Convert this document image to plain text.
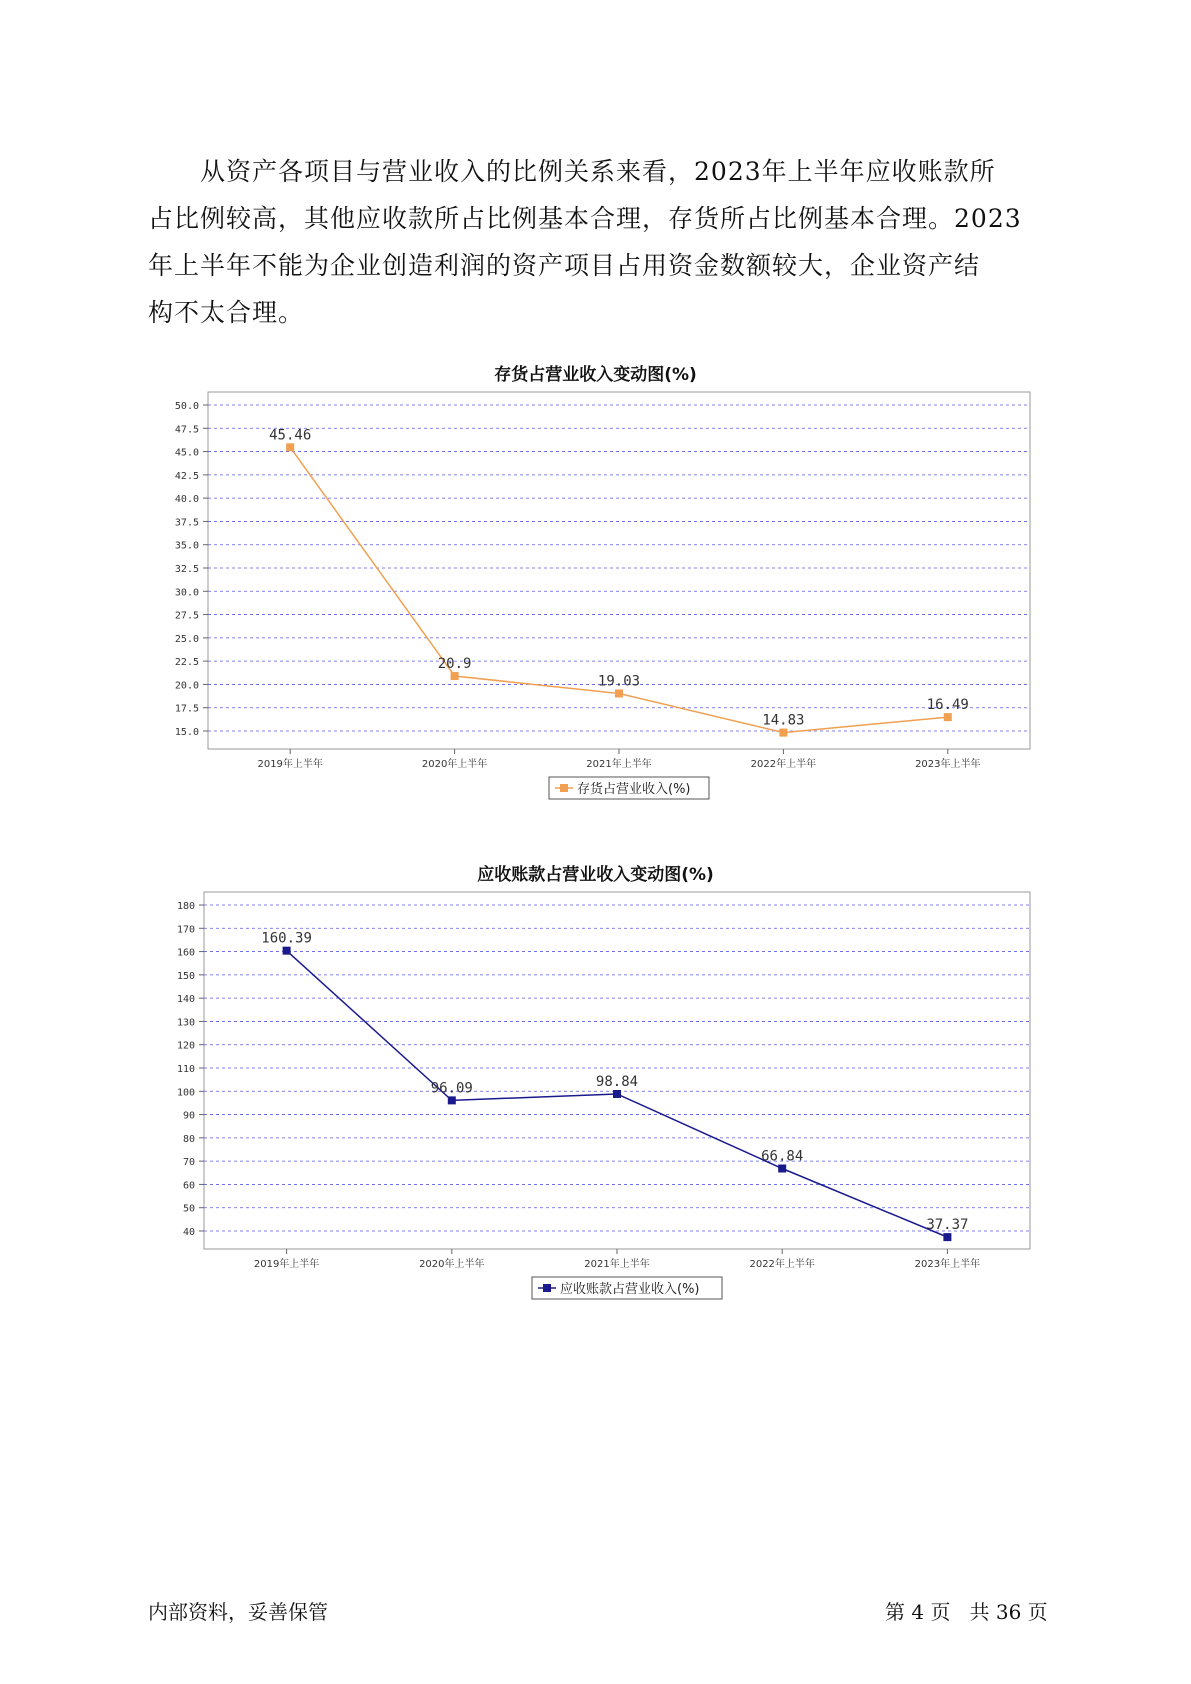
从资产各项目与营业收入的比例关系来看，2023年上半年应收账款所
占比例较高，其他应收款所占比例基本合理，存货所占比例基本合理。2023
年上半年不能为企业创造利润的资产项目占用资金数额较大，企业资产结
构不太合理。
存货占营业收入变动图(%)
50.0
47.5
45.0
42.5
40.0
37.5
35.0
32.5
30.0
27.5
25.0
22.5
20.0
17.5
15.0
2019年上半年	2020年上半年	2021年上半年	2022年上半年	2023年上半年
45.46
20.9
19.03
14.83
16.49
存货占营业收入(%)
应收账款占营业收入变动图(%)
180
170
160
150
140
130
120
110
100
90
80
70
60
50
40
2019年上半年	2020年上半年	2021年上半年	2022年上半年	2023年上半年
160.39
96.09	98.84
66.84
37.37
应收账款占营业收入(%)
内部资料，妥善保管	第 4 页   共 36 页
